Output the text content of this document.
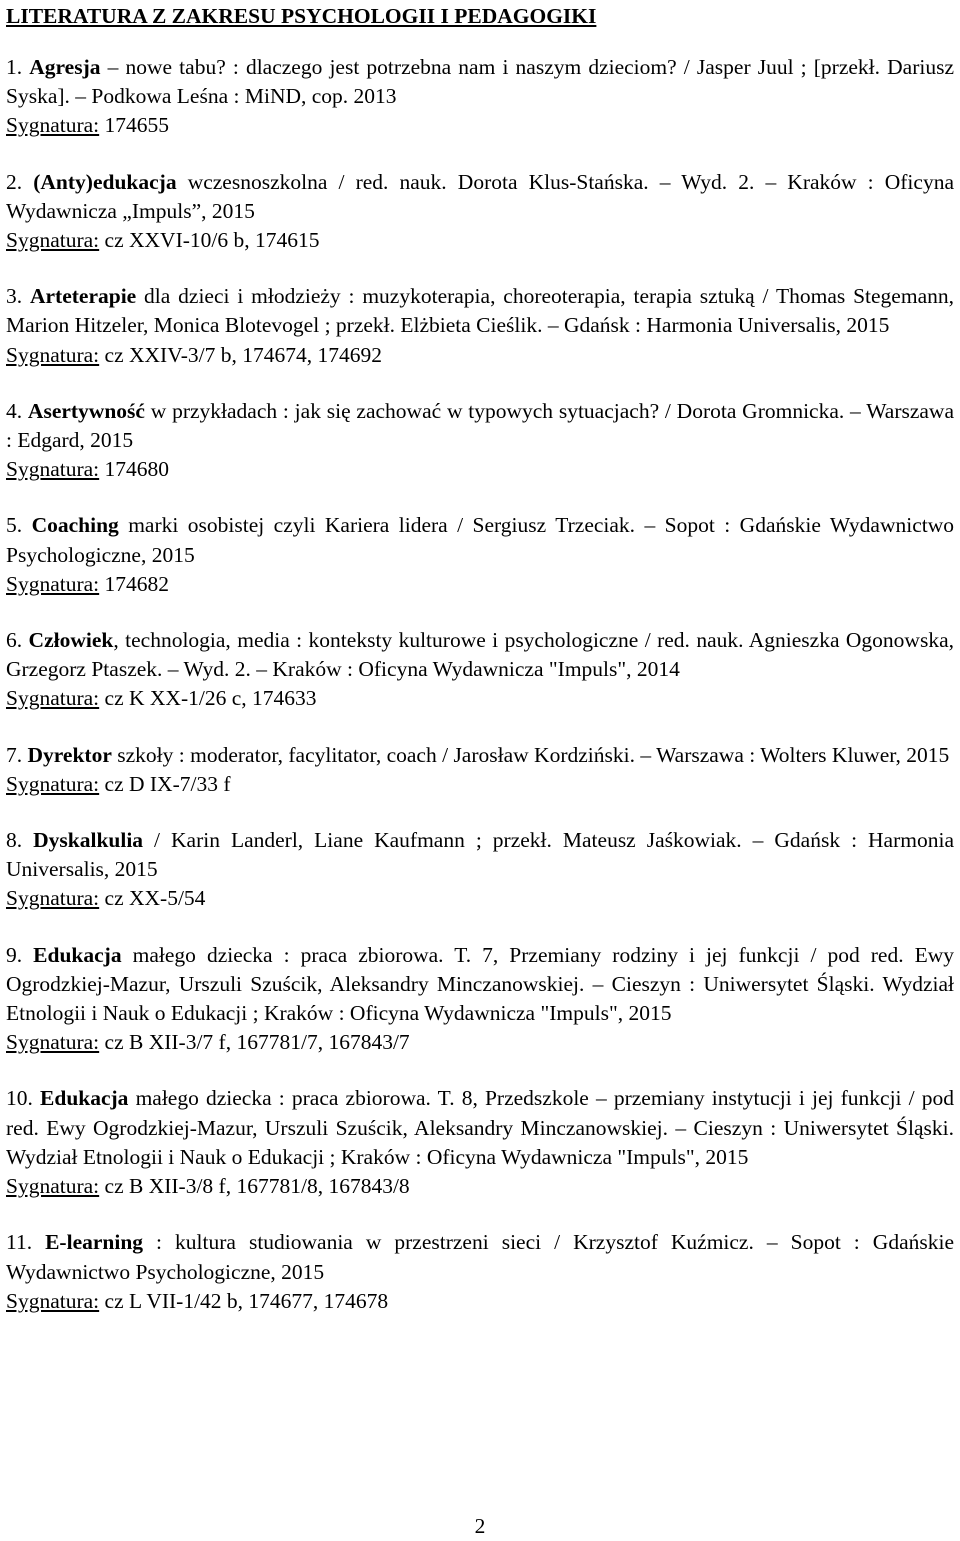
LITERATURA Z ZAKRESU PSYCHOLOGII I PEDAGOGIKI

1. Agresja – nowe tabu? : dlaczego jest potrzebna nam i naszym dzieciom? / Jasper Juul ; [przekł. Dariusz Syska]. – Podkowa Leśna : MiND, cop. 2013

Sygnatura: 174655

2. (Anty)edukacja wczesnoszkolna / red. nauk. Dorota Klus-Stańska. – Wyd. 2. – Kraków : Oficyna Wydawnicza „Impuls”, 2015

Sygnatura: cz XXVI-10/6 b, 174615

3. Arteterapie dla dzieci i młodzieży : muzykoterapia, choreoterapia, terapia sztuką / Thomas Stegemann, Marion Hitzeler, Monica Blotevogel ; przekł. Elżbieta Cieślik. – Gdańsk : Harmonia Universalis, 2015

Sygnatura: cz XXIV-3/7 b, 174674, 174692

4. Asertywność w przykładach : jak się zachować w typowych sytuacjach? / Dorota Gromnicka. – Warszawa : Edgard, 2015

Sygnatura: 174680

5. Coaching marki osobistej czyli Kariera lidera / Sergiusz Trzeciak. – Sopot : Gdańskie Wydawnictwo Psychologiczne, 2015

Sygnatura: 174682

6. Człowiek, technologia, media : konteksty kulturowe i psychologiczne / red. nauk. Agnieszka Ogonowska, Grzegorz Ptaszek. – Wyd. 2. – Kraków : Oficyna Wydawnicza "Impuls", 2014

Sygnatura: cz K XX-1/26 c, 174633

7. Dyrektor szkoły : moderator, facylitator, coach / Jarosław Kordziński. – Warszawa : Wolters Kluwer, 2015

Sygnatura: cz D IX-7/33 f

8. Dyskalkulia / Karin Landerl, Liane Kaufmann ; przekł. Mateusz Jaśkowiak. – Gdańsk : Harmonia Universalis, 2015

Sygnatura: cz XX-5/54

9. Edukacja małego dziecka : praca zbiorowa. T. 7, Przemiany rodziny i jej funkcji / pod red. Ewy Ogrodzkiej-Mazur, Urszuli Szuścik, Aleksandry Minczanowskiej. – Cieszyn : Uniwersytet Śląski. Wydział Etnologii i Nauk o Edukacji ; Kraków : Oficyna Wydawnicza "Impuls", 2015

Sygnatura: cz B XII-3/7 f, 167781/7, 167843/7

10. Edukacja małego dziecka : praca zbiorowa. T. 8, Przedszkole – przemiany instytucji i jej funkcji / pod red. Ewy Ogrodzkiej-Mazur, Urszuli Szuścik, Aleksandry Minczanowskiej. – Cieszyn : Uniwersytet Śląski. Wydział Etnologii i Nauk o Edukacji ; Kraków : Oficyna Wydawnicza "Impuls", 2015

Sygnatura: cz B XII-3/8 f, 167781/8, 167843/8

11. E-learning : kultura studiowania w przestrzeni sieci / Krzysztof Kuźmicz. – Sopot : Gdańskie Wydawnictwo Psychologiczne, 2015

Sygnatura: cz L VII-1/42 b, 174677, 174678

2
